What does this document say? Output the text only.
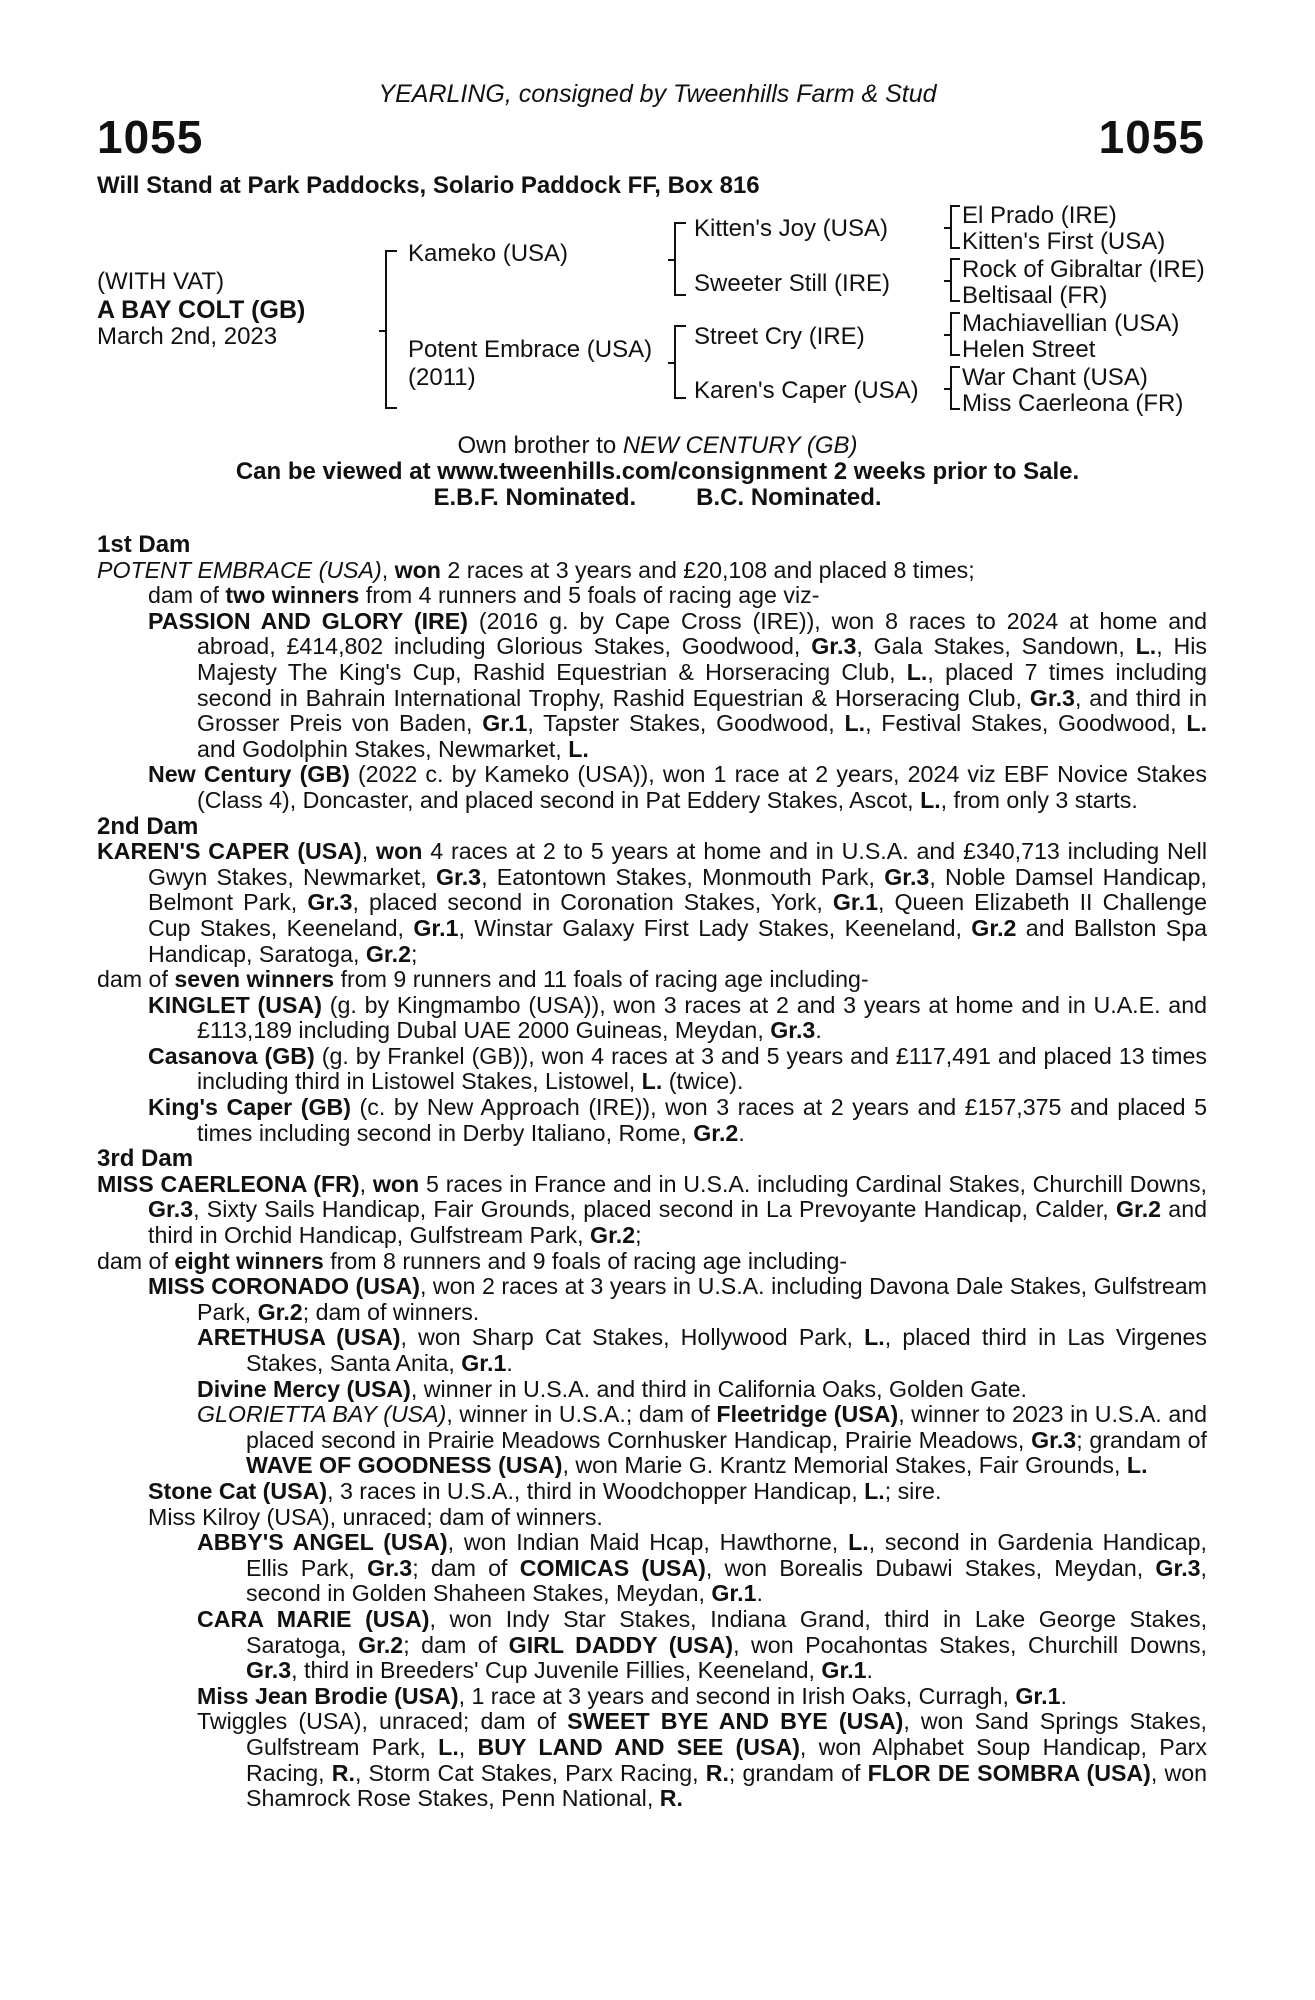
YEARLING, consigned by Tweenhills Farm & Stud
1055	1055
Will Stand at Park Paddocks, Solario Paddock FF, Box 816
(WITH VAT)
A BAY COLT (GB)
March 2nd, 2023
Kameko (USA)
Potent Embrace (USA)
(2011)
Kitten's Joy (USA)
Sweeter Still (IRE)
Street Cry (IRE)
Karen's Caper (USA)
El Prado (IRE)
Kitten's First (USA)
Rock of Gibraltar (IRE)
Beltisaal (FR)
Machiavellian (USA)
Helen Street
War Chant (USA)
Miss Caerleona (FR)
Own brother to NEW CENTURY (GB)
Can be viewed at www.tweenhills.com/consignment 2 weeks prior to Sale.
E.B.F. Nominated.	B.C. Nominated.

1st Dam

POTENT EMBRACE (USA), won 2 races at 3 years and £20,108 and placed 8 times;
dam of two winners from 4 runners and 5 foals of racing age viz-

PASSION AND GLORY (IRE) (2016 g. by Cape Cross (IRE)), won 8 races to 2024 at home and abroad, £414,802 including Glorious Stakes, Goodwood, Gr.3, Gala Stakes, Sandown, L., His Majesty The King's Cup, Rashid Equestrian & Horseracing Club, L., placed 7 times including second in Bahrain International Trophy, Rashid Equestrian & Horseracing Club, Gr.3, and third in Grosser Preis von Baden, Gr.1, Tapster Stakes, Goodwood, L., Festival Stakes, Goodwood, L. and Godolphin Stakes, Newmarket, L.

New Century (GB) (2022 c. by Kameko (USA)), won 1 race at 2 years, 2024 viz EBF Novice Stakes (Class 4), Doncaster, and placed second in Pat Eddery Stakes, Ascot, L., from only 3 starts.

2nd Dam

KAREN'S CAPER (USA), won 4 races at 2 to 5 years at home and in U.S.A. and £340,713 including Nell Gwyn Stakes, Newmarket, Gr.3, Eatontown Stakes, Monmouth Park, Gr.3, Noble Damsel Handicap, Belmont Park, Gr.3, placed second in Coronation Stakes, York, Gr.1, Queen Elizabeth II Challenge Cup Stakes, Keeneland, Gr.1, Winstar Galaxy First Lady Stakes, Keeneland, Gr.2 and Ballston Spa Handicap, Saratoga, Gr.2;

dam of seven winners from 9 runners and 11 foals of racing age including-

KINGLET (USA) (g. by Kingmambo (USA)), won 3 races at 2 and 3 years at home and in U.A.E. and £113,189 including Dubal UAE 2000 Guineas, Meydan, Gr.3.

Casanova (GB) (g. by Frankel (GB)), won 4 races at 3 and 5 years and £117,491 and placed 13 times including third in Listowel Stakes, Listowel, L. (twice).

King's Caper (GB) (c. by New Approach (IRE)), won 3 races at 2 years and £157,375 and placed 5 times including second in Derby Italiano, Rome, Gr.2.

3rd Dam

MISS CAERLEONA (FR), won 5 races in France and in U.S.A. including Cardinal Stakes, Churchill Downs, Gr.3, Sixty Sails Handicap, Fair Grounds, placed second in La Prevoyante Handicap, Calder, Gr.2 and third in Orchid Handicap, Gulfstream Park, Gr.2;

dam of eight winners from 8 runners and 9 foals of racing age including-

MISS CORONADO (USA), won 2 races at 3 years in U.S.A. including Davona Dale Stakes, Gulfstream Park, Gr.2; dam of winners.

ARETHUSA (USA), won Sharp Cat Stakes, Hollywood Park, L., placed third in Las Virgenes Stakes, Santa Anita, Gr.1.

Divine Mercy (USA), winner in U.S.A. and third in California Oaks, Golden Gate.

GLORIETTA BAY (USA), winner in U.S.A.; dam of Fleetridge (USA), winner to 2023 in U.S.A. and placed second in Prairie Meadows Cornhusker Handicap, Prairie Meadows, Gr.3; grandam of WAVE OF GOODNESS (USA), won Marie G. Krantz Memorial Stakes, Fair Grounds, L.

Stone Cat (USA), 3 races in U.S.A., third in Woodchopper Handicap, L.; sire.

Miss Kilroy (USA), unraced; dam of winners.

ABBY'S ANGEL (USA), won Indian Maid Hcap, Hawthorne, L., second in Gardenia Handicap, Ellis Park, Gr.3; dam of COMICAS (USA), won Borealis Dubawi Stakes, Meydan, Gr.3, second in Golden Shaheen Stakes, Meydan, Gr.1.

CARA MARIE (USA), won Indy Star Stakes, Indiana Grand, third in Lake George Stakes, Saratoga, Gr.2; dam of GIRL DADDY (USA), won Pocahontas Stakes, Churchill Downs, Gr.3, third in Breeders' Cup Juvenile Fillies, Keeneland, Gr.1.

Miss Jean Brodie (USA), 1 race at 3 years and second in Irish Oaks, Curragh, Gr.1.

Twiggles (USA), unraced; dam of SWEET BYE AND BYE (USA), won Sand Springs Stakes, Gulfstream Park, L., BUY LAND AND SEE (USA), won Alphabet Soup Handicap, Parx Racing, R., Storm Cat Stakes, Parx Racing, R.; grandam of FLOR DE SOMBRA (USA), won Shamrock Rose Stakes, Penn National, R.
